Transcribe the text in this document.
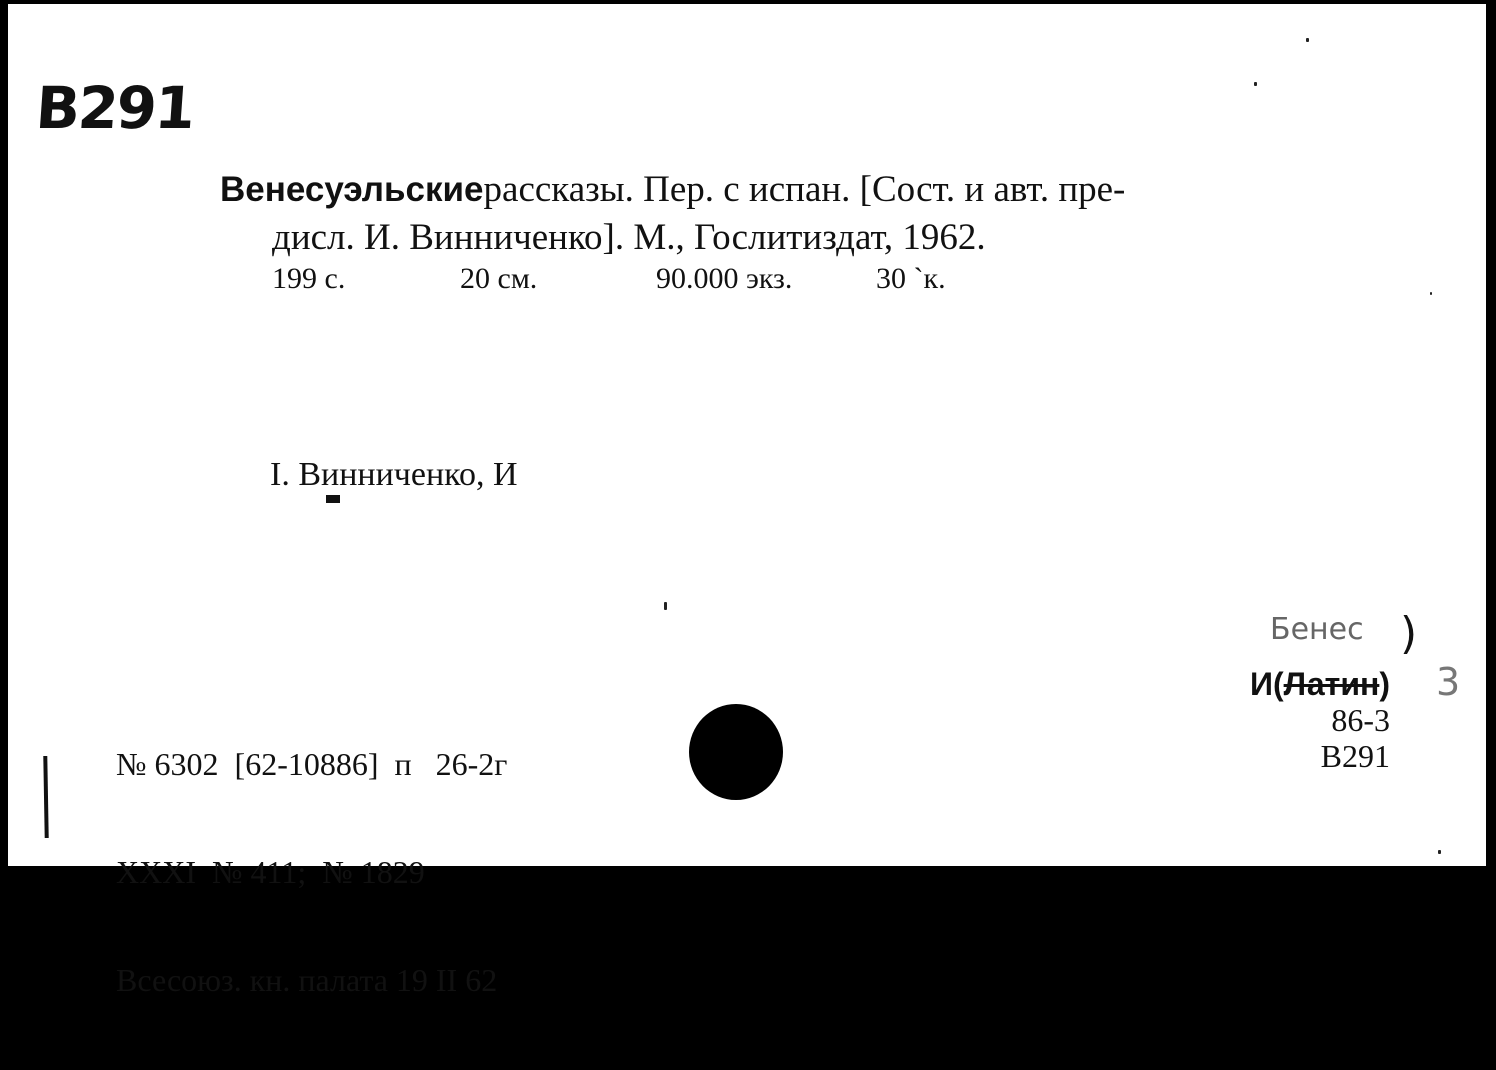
B291
Венесуэльскиерассказы. Пер. с испан. [Сост. и авт. пре-
дисл. И. Винниченко]. М., Гослитиздат, 1962.
199 с.	20 см.	90.000 экз.	30 `к.
I. Винниченко, И

№ 6302  [62-10886]  п   26-2г

XXXI  № 411;  № 1829

Всесоюз. кн. палата 19 II 62

Бенес )
3
И(Латин)
86-3
B291
